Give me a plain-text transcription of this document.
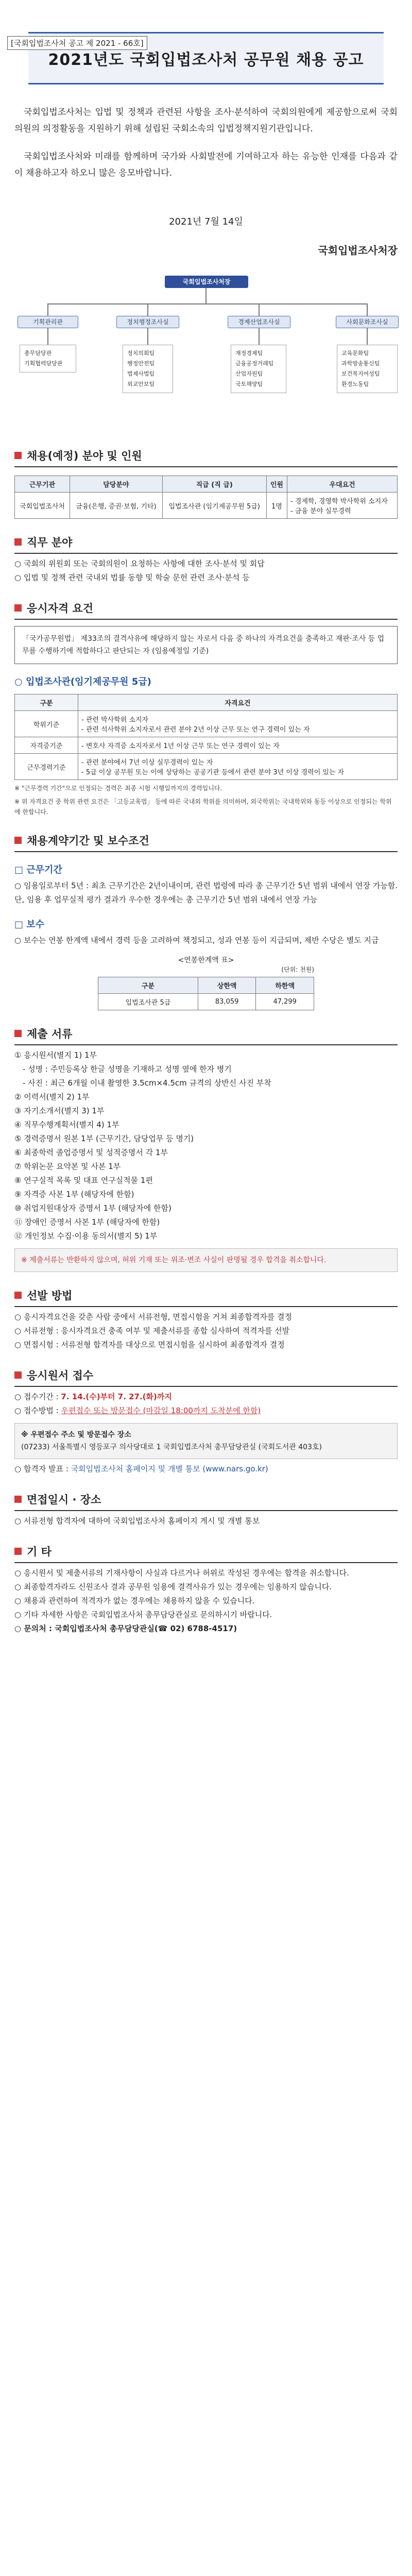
[국회입법조사처 공고 제 2021 - 66호]
2021년도 국회입법조사처 공무원 채용 공고

국회입법조사처는 입법 및 정책과 관련된 사항을 조사·분석하여 국회의원에게 제공함으로써 국회의원의 의정활동을 지원하기 위해 설립된 국회소속의 입법정책지원기관입니다.

국회입법조사처와 미래를 함께하며 국가와 사회발전에 기여하고자 하는 유능한 인재를 다음과 같이 채용하고자 하오니 많은 응모바랍니다.

2021년 7월 14일
국회입법조사처장
국회입법조사처장
기획관리관	정치행정조사실	경제산업조사실	사회문화조사실
총무담당관
기획협력담당관
정치의회팀
행정안전팀
법제사법팀
외교안보팀
재정경제팀
금융공정거래팀
산업자원팀
국토해양팀
교육문화팀
과학방송통신팀
보건복지여성팀
환경노동팀
채용(예정) 분야 및 인원
근무기관	담당분야	직급 (직 급)	인원	우대요건
국회입법조사처	금융(은행, 증권·보험, 기타)	입법조사관 (임기제공무원 5급)	1명	- 경제학, 경영학 박사학위 소지자
- 금융 분야 실무경력
직무 분야
○ 국회의 위원회 또는 국회의원이 요청하는 사항에 대한 조사·분석 및 회답
○ 입법 및 정책 관련 국내외 법률 동향 및 학술 문헌 관련 조사·분석 등
응시자격 요건
「국가공무원법」 제33조의 결격사유에 해당하지 않는 자로서 다음 중 하나의 자격요건을 충족하고 재판·조사 등 업무를 수행하기에 적합하다고 판단되는 자 (임용예정일 기준)
○ 입법조사관(임기제공무원 5급)
구분	자격요건
학위기준	- 관련 박사학위 소지자
- 관련 석사학위 소지자로서 관련 분야 2년 이상 근무 또는 연구 경력이 있는 자
자격증기준	- 변호사 자격증 소지자로서 1년 이상 근무 또는 연구 경력이 있는 자
근무경력기준	- 관련 분야에서 7년 이상 실무경력이 있는 자
- 5급 이상 공무원 또는 이에 상당하는 공공기관 등에서 관련 분야 3년 이상 경력이 있는 자
※ "근무경력 기간"으로 인정되는 경력은 최종 시험 시행일까지의 경력입니다.
※ 위 자격요건 중 학위 관련 요건은 「고등교육법」 등에 따른 국내외 학위를 의미하며, 외국학위는 국내학위와 동등 이상으로 인정되는 학위에 한합니다.
채용계약기간 및 보수조건
□ 근무기간

○ 임용일로부터 5년 : 최초 근무기간은 2년이내이며, 관련 법령에 따라 총 근무기간 5년 범위 내에서 연장 가능함. 단, 임용 후 업무실적 평가 결과가 우수한 경우에는 총 근무기간 5년 범위 내에서 연장 가능

□ 보수

○ 보수는 연봉 한계액 내에서 경력 등을 고려하여 책정되고, 성과 연봉 등이 지급되며, 제반 수당은 별도 지급

<연봉한계액 표>
(단위: 천원)
구분	상한액	하한액
입법조사관 5급	83,059	47,299
제출 서류
① 응시원서(별지 1) 1부
- 성명 : 주민등록상 한글 성명을 기재하고 성명 옆에 한자 병기
- 사진 : 최근 6개월 이내 촬영한 3.5cm×4.5cm 규격의 상반신 사진 부착
② 이력서(별지 2) 1부
③ 자기소개서(별지 3) 1부
④ 직무수행계획서(별지 4) 1부
⑤ 경력증명서 원본 1부 (근무기간, 담당업무 등 명기)
⑥ 최종학력 졸업증명서 및 성적증명서 각 1부
⑦ 학위논문 요약본 및 사본 1부
⑧ 연구실적 목록 및 대표 연구실적물 1편
⑨ 자격증 사본 1부 (해당자에 한함)
⑩ 취업지원대상자 증명서 1부 (해당자에 한함)
⑪ 장애인 증명서 사본 1부 (해당자에 한함)
⑫ 개인정보 수집·이용 동의서(별지 5) 1부
※ 제출서류는 반환하지 않으며, 허위 기재 또는 위조·변조 사실이 판명될 경우 합격을 취소합니다.
선발 방법
○ 응시자격요건을 갖춘 사람 중에서 서류전형, 면접시험을 거쳐 최종합격자를 결정
○ 서류전형 : 응시자격요건 충족 여부 및 제출서류를 종합 심사하여 적격자를 선발
○ 면접시험 : 서류전형 합격자를 대상으로 면접시험을 실시하여 최종합격자 결정
응시원서 접수
○ 접수기간 : 7. 14.(수)부터 7. 27.(화)까지
○ 접수방법 : 우편접수 또는 방문접수 (마감일 18:00까지 도착분에 한함)
※ 우편접수 주소 및 방문접수 장소
(07233) 서울특별시 영등포구 의사당대로 1 국회입법조사처 총무담당관실 (국회도서관 403호)
○ 합격자 발표 : 국회입법조사처 홈페이지 및 개별 통보 (www.nars.go.kr)
면접일시 · 장소
○ 서류전형 합격자에 대하여 국회입법조사처 홈페이지 게시 및 개별 통보
기 타
○ 응시원서 및 제출서류의 기재사항이 사실과 다르거나 허위로 작성된 경우에는 합격을 취소합니다.
○ 최종합격자라도 신원조사 결과 공무원 임용에 결격사유가 있는 경우에는 임용하지 않습니다.
○ 채용과 관련하여 적격자가 없는 경우에는 채용하지 않을 수 있습니다.
○ 기타 자세한 사항은 국회입법조사처 총무담당관실로 문의하시기 바랍니다.
○ 문의처 : 국회입법조사처 총무담당관실(☎ 02) 6788-4517)
